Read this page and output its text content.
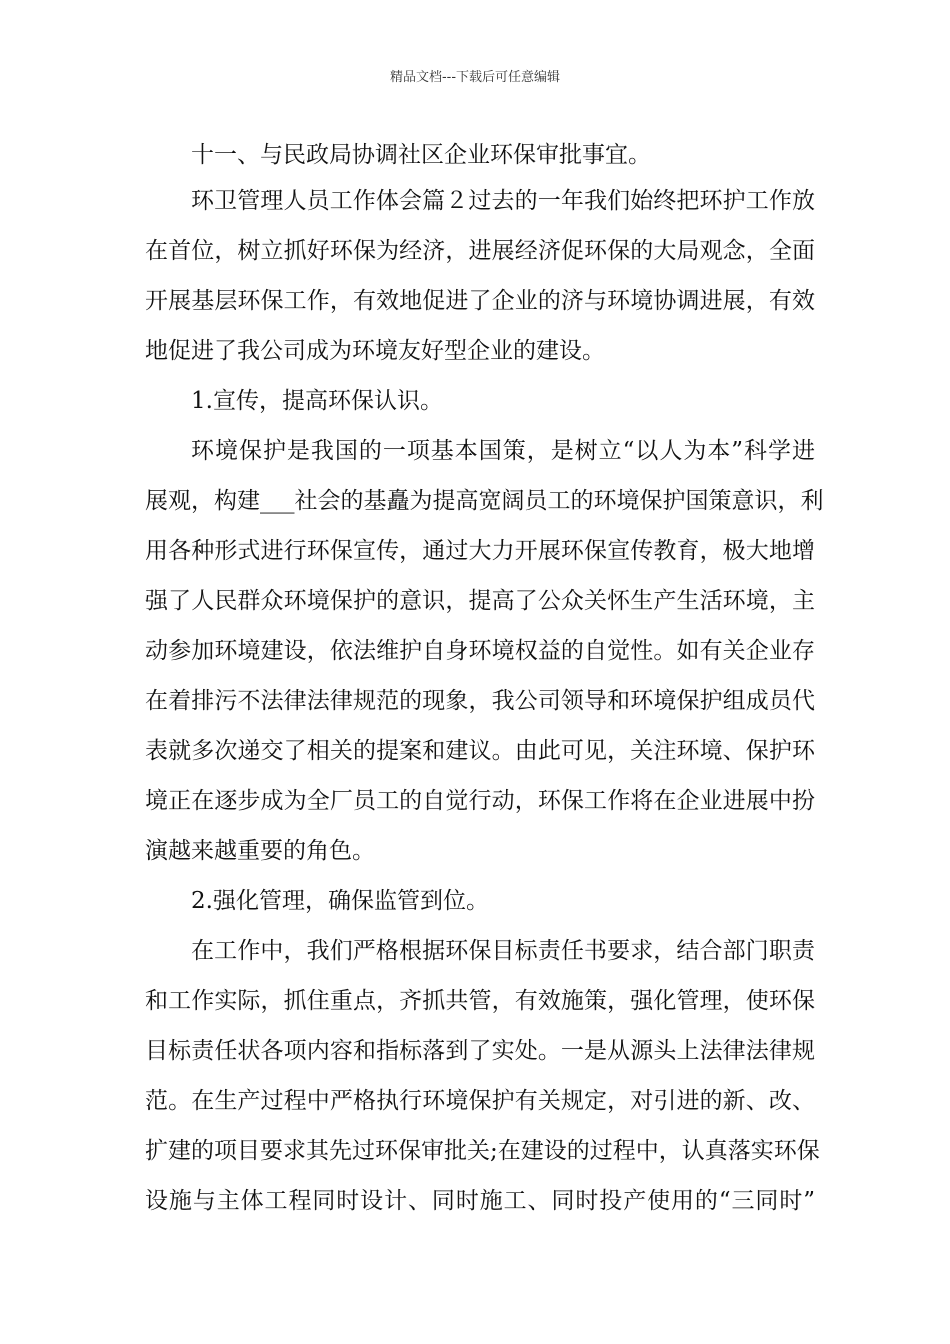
精品文档---下载后可任意编辑
十一、与民政局协调社区企业环保审批事宜。
环卫管理人员工作体会篇２过去的一年我们始终把环护工作放
在首位，树立抓好环保为经济，进展经济促环保的大局观念，全面
开展基层环保工作，有效地促进了企业的济与环境协调进展，有效
地促进了我公司成为环境友好型企业的建设。
1.宣传，提高环保认识。
环境保护是我国的一项基本国策，是树立“以人为本”科学进
展观，构建___社会的基矗为提高宽阔员工的环境保护国策意识，利
用各种形式进行环保宣传，通过大力开展环保宣传教育，极大地增
强了人民群众环境保护的意识，提高了公众关怀生产生活环境，主
动参加环境建设，依法维护自身环境权益的自觉性。如有关企业存
在着排污不法律法律规范的现象，我公司领导和环境保护组成员代
表就多次递交了相关的提案和建议。由此可见，关注环境、保护环
境正在逐步成为全厂员工的自觉行动，环保工作将在企业进展中扮
演越来越重要的角色。
2.强化管理，确保监管到位。
在工作中，我们严格根据环保目标责任书要求，结合部门职责
和工作实际，抓住重点，齐抓共管，有效施策，强化管理，使环保
目标责任状各项内容和指标落到了实处。一是从源头上法律法律规
范。在生产过程中严格执行环境保护有关规定，对引进的新、改、
扩建的项目要求其先过环保审批关;在建设的过程中，认真落实环保
设施与主体工程同时设计、同时施工、同时投产使用的“三同时”
